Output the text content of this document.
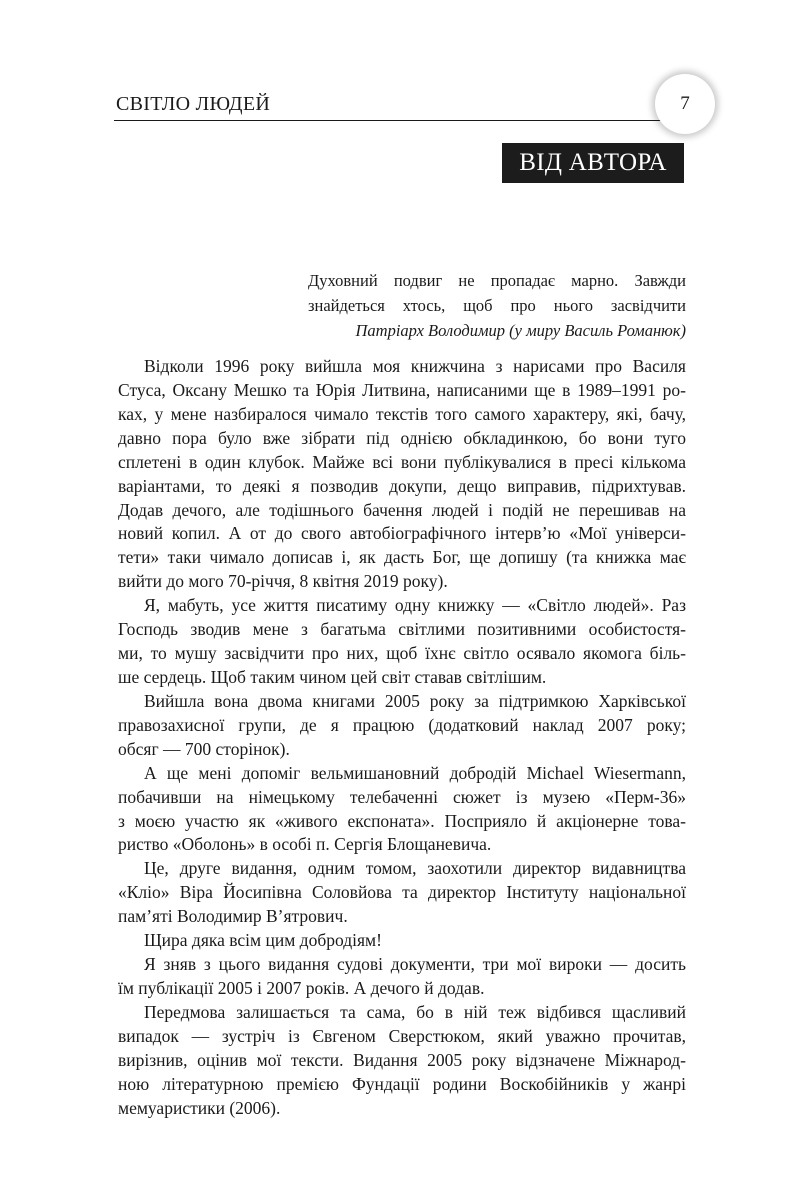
СВІТЛО ЛЮДЕЙ	7
ВІД АВТОРА
Духовний подвиг не пропадає марно. Завжди
знайдеться хтось, щоб про нього засвідчити
Патріарх Володимир (у миру Василь Романюк)
Відколи 1996 року вийшла моя книжчина з нарисами про Василя
Стуса, Оксану Мешко та Юрія Литвина, написаними ще в 1989–1991 ро-
ках, у мене назбиралося чимало текстів того самого характеру, які, бачу,
давно пора було вже зібрати під однією обкладинкою, бо вони туго
сплетені в один клубок. Майже всі вони публікувалися в пресі кількома
варіантами, то деякі я позводив докупи, дещо виправив, підрихтував.
Додав дечого, але тодішнього бачення людей і подій не перешивав на
новий копил. А от до свого автобіографічного інтерв’ю «Мої універси-
тети» таки чимало дописав і, як дасть Бог, ще допишу (та книжка має
вийти до мого 70-річчя, 8 квітня 2019 року).
Я, мабуть, усе життя писатиму одну книжку — «Світло людей». Раз
Господь зводив мене з багатьма світлими позитивними особистостя-
ми, то мушу засвідчити про них, щоб їхнє світло осявало якомога біль-
ше сердець. Щоб таким чином цей світ ставав світлішим.
Вийшла вона двома книгами 2005 року за підтримкою Харківської
правозахисної групи, де я працюю (додатковий наклад 2007 року;
обсяг — 700 сторінок).
А ще мені допоміг вельмишановний добродій Michael Wiesermann,
побачивши на німецькому телебаченні сюжет із музею «Перм-36»
з моєю участю як «живого експоната». Посприяло й акціонерне това-
риство «Оболонь» в особі п. Сергія Блощаневича.
Це, друге видання, одним томом, заохотили директор видавництва
«Кліо» Віра Йосипівна Соловйова та директор Інституту національної
пам’яті Володимир В’ятрович.
Щира дяка всім цим добродіям!
Я зняв з цього видання судові документи, три мої вироки — досить
їм публікації 2005 і 2007 років. А дечого й додав.
Передмова залишається та сама, бо в ній теж відбився щасливий
випадок — зустріч із Євгеном Сверстюком, який уважно прочитав,
вирізнив, оцінив мої тексти. Видання 2005 року відзначене Міжнарод-
ною літературною премією Фундації родини Воскобійників у жанрі
мемуаристики (2006).
